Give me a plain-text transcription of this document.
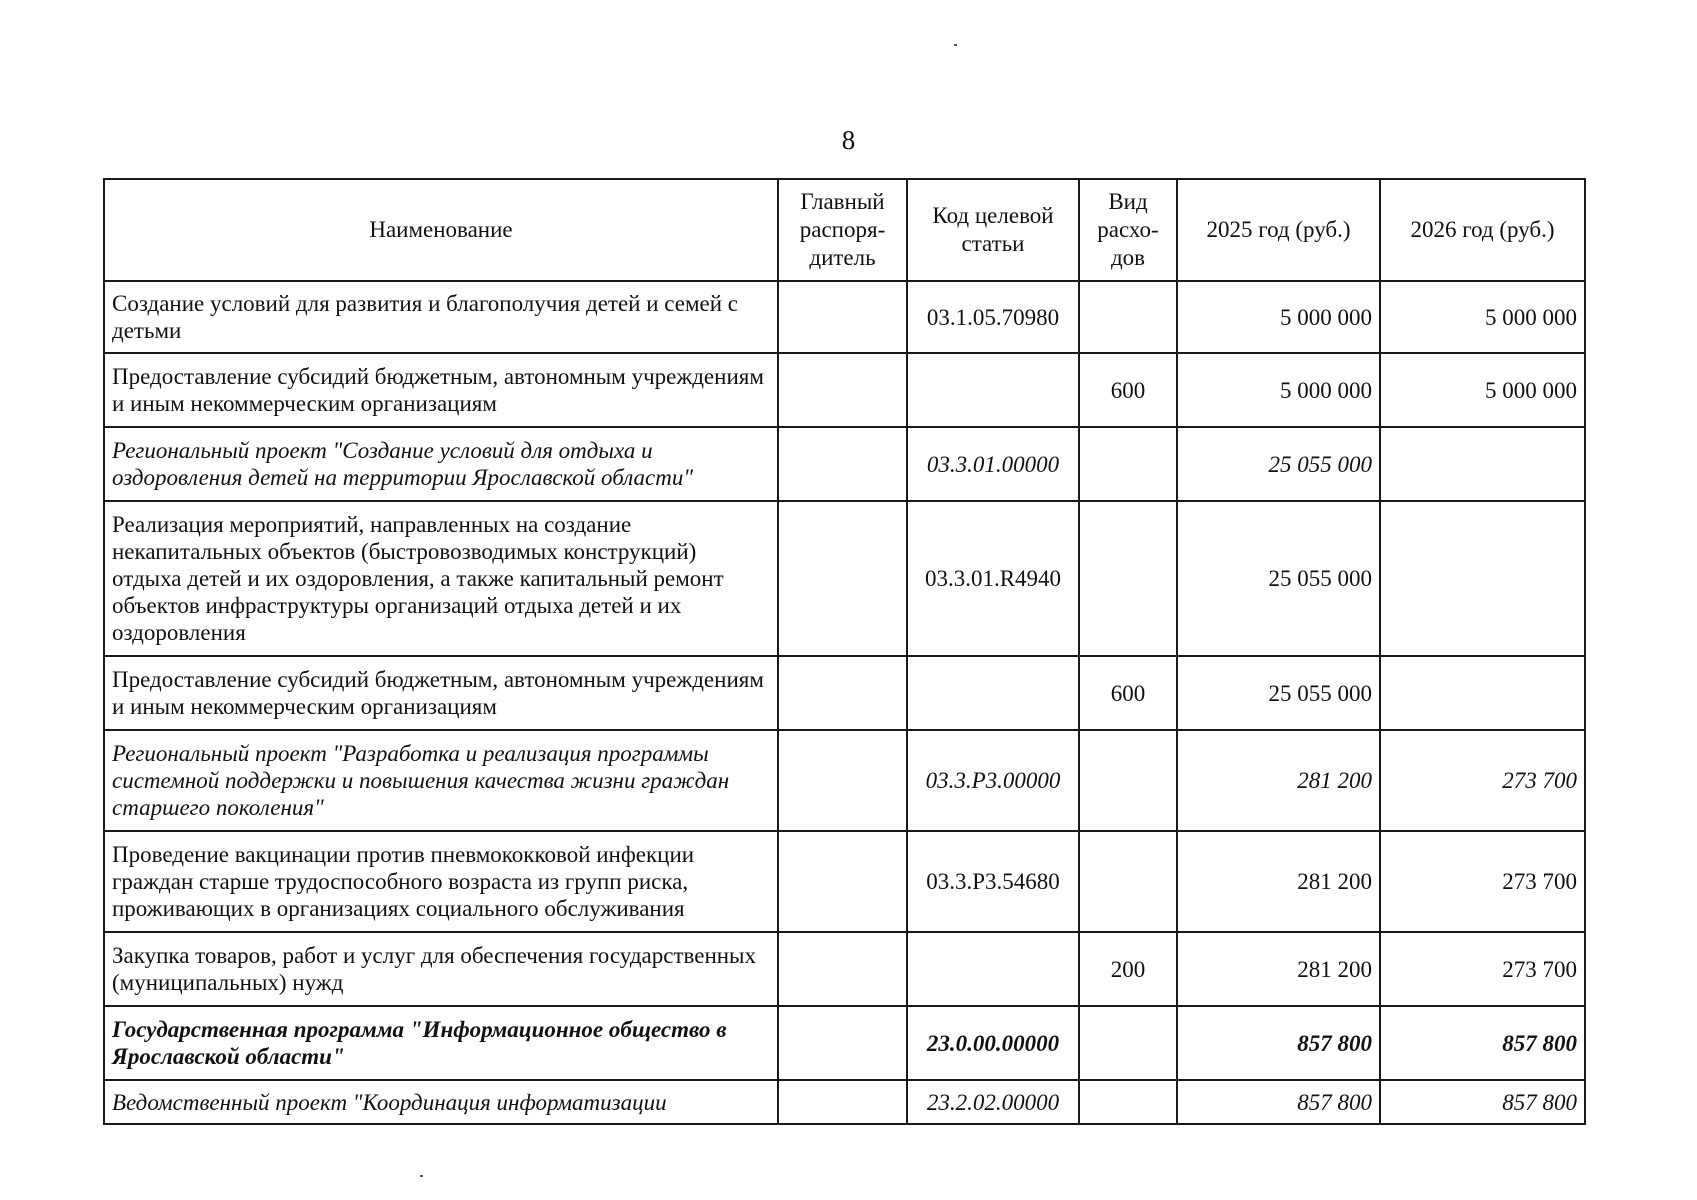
8
Наименование	Главный распоря-дитель	Код целевой статьи	Вид расхо-дов	2025 год (руб.)	2026 год (руб.)
Создание условий для развития и благополучия детей и семей с детьми		03.1.05.70980		5 000 000	5 000 000
Предоставление субсидий бюджетным, автономным учреждениям и иным некоммерческим организациям			600	5 000 000	5 000 000
Региональный проект "Создание условий для отдыха и оздоровления детей на территории Ярославской области"		03.3.01.00000		25 055 000	
Реализация мероприятий, направленных на создание некапитальных объектов (быстровозводимых конструкций) отдыха детей и их оздоровления, а также капитальный ремонт объектов инфраструктуры организаций отдыха детей и их оздоровления		03.3.01.R4940		25 055 000	
Предоставление субсидий бюджетным, автономным учреждениям и иным некоммерческим организациям			600	25 055 000	
Региональный проект "Разработка и реализация программы системной поддержки и повышения качества жизни граждан старшего поколения"		03.3.P3.00000		281 200	273 700
Проведение вакцинации против пневмококковой инфекции граждан старше трудоспособного возраста из групп риска, проживающих в организациях социального обслуживания		03.3.P3.54680		281 200	273 700
Закупка товаров, работ и услуг для обеспечения государственных (муниципальных) нужд			200	281 200	273 700
Государственная программа "Информационное общество в Ярославской области"		23.0.00.00000		857 800	857 800
Ведомственный проект "Координация информатизации		23.2.02.00000		857 800	857 800
